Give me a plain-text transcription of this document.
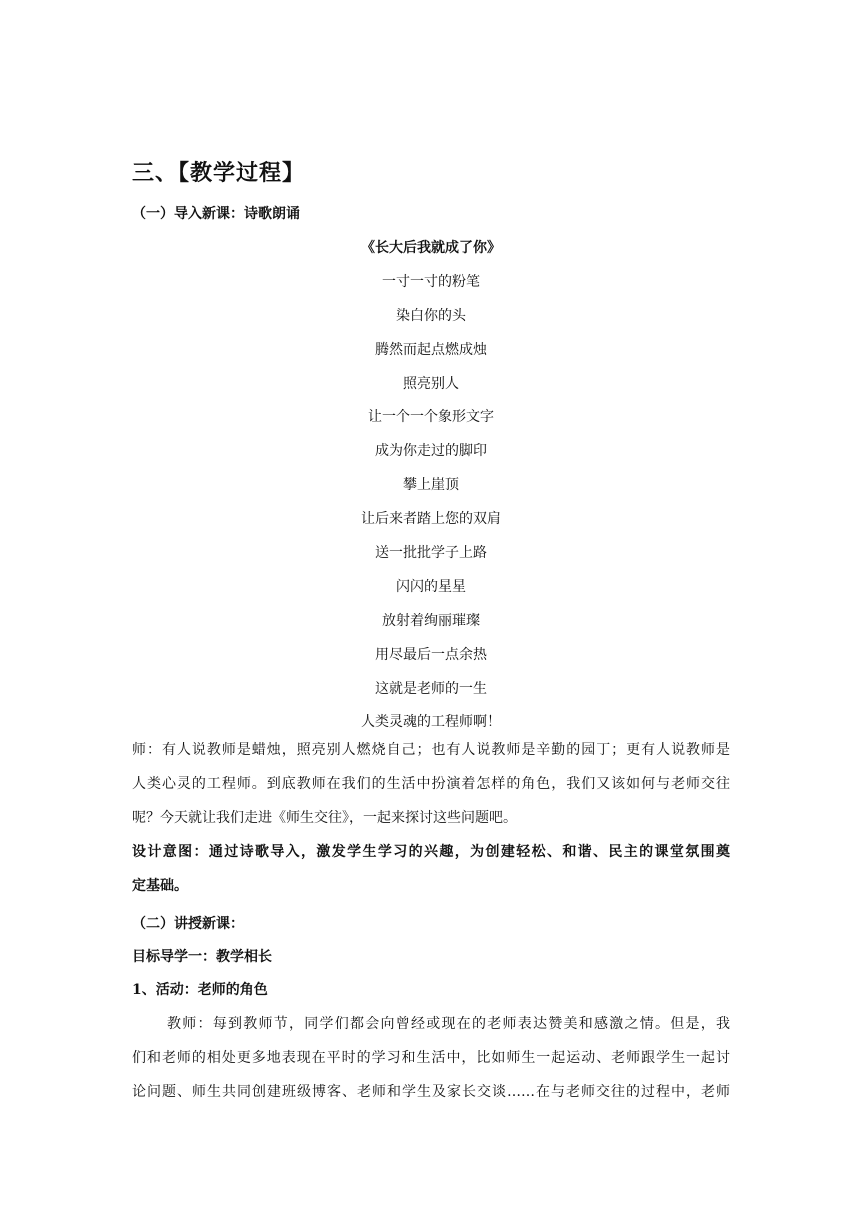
三、【教学过程】
（一）导入新课：诗歌朗诵
《长大后我就成了你》
一寸一寸的粉笔
染白你的头
腾然而起点燃成烛
照亮别人
让一个一个象形文字
成为你走过的脚印
攀上崖顶
让后来者踏上您的双肩
送一批批学子上路
闪闪的星星
放射着绚丽璀璨
用尽最后一点余热
这就是老师的一生
人类灵魂的工程师啊！
师：有人说教师是蜡烛，照亮别人燃烧自己；也有人说教师是辛勤的园丁；更有人说教师是
人类心灵的工程师。到底教师在我们的生活中扮演着怎样的角色，我们又该如何与老师交往
呢？今天就让我们走进《师生交往》，一起来探讨这些问题吧。
设计意图：通过诗歌导入，激发学生学习的兴趣，为创建轻松、和谐、民主的课堂氛围奠
定基础。
（二）讲授新课：
目标导学一：教学相长
1、活动：老师的角色
教师：每到教师节，同学们都会向曾经或现在的老师表达赞美和感激之情。但是，我
们和老师的相处更多地表现在平时的学习和生活中，比如师生一起运动、老师跟学生一起讨
论问题、师生共同创建班级博客、老师和学生及家长交谈……在与老师交往的过程中，老师
